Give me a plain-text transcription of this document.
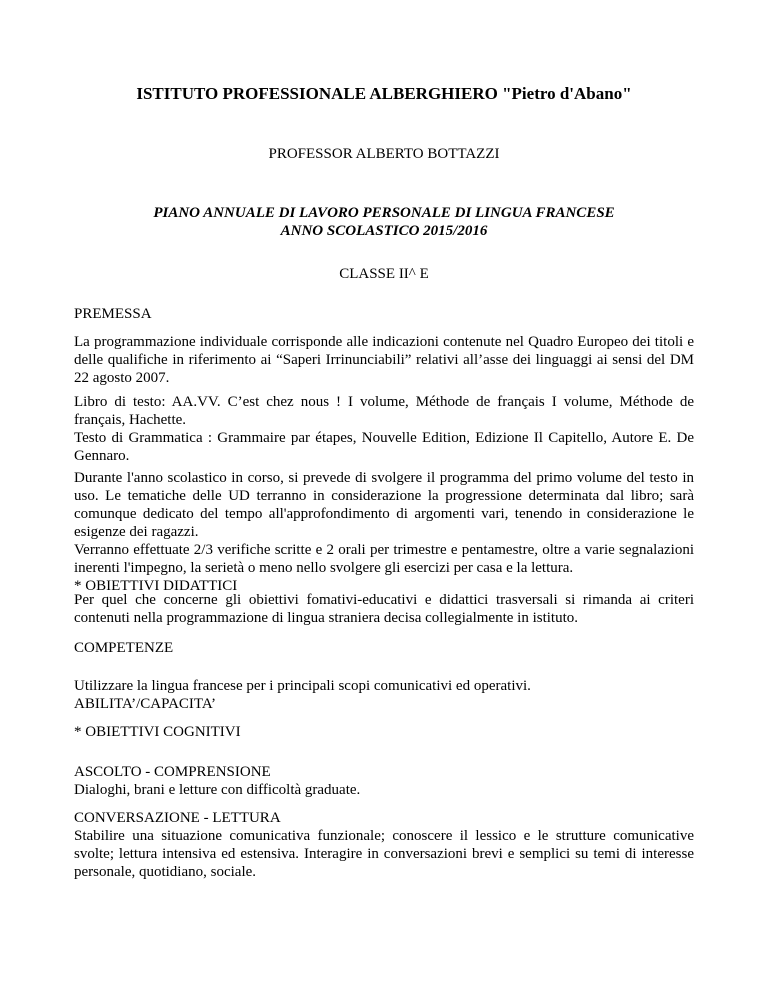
ISTITUTO PROFESSIONALE ALBERGHIERO "Pietro d'Abano"
PROFESSOR ALBERTO BOTTAZZI
PIANO ANNUALE DI LAVORO PERSONALE DI LINGUA FRANCESE
ANNO SCOLASTICO 2015/2016
CLASSE II^ E
PREMESSA

La programmazione individuale corrisponde alle indicazioni contenute nel Quadro Europeo dei titoli e delle qualifiche in riferimento ai “Saperi Irrinunciabili” relativi all’asse dei linguaggi ai sensi del DM 22 agosto 2007.

Libro di testo: AA.VV. C’est chez nous ! I volume, Méthode de français I volume, Méthode de français, Hachette.

Testo di Grammatica : Grammaire par étapes, Nouvelle Edition, Edizione Il Capitello, Autore E. De Gennaro.

Durante l'anno scolastico in corso, si prevede di svolgere il programma del primo volume del testo in uso. Le tematiche delle UD terranno in considerazione la progressione determinata dal libro; sarà comunque dedicato del tempo all'approfondimento di argomenti vari, tenendo in considerazione le esigenze dei ragazzi.

Verranno effettuate 2/3 verifiche scritte e 2 orali per trimestre e pentamestre, oltre a varie segnalazioni inerenti l'impegno, la serietà o meno nello svolgere gli esercizi per casa e la lettura.

* OBIETTIVI DIDATTICI

Per quel che concerne gli obiettivi fomativi-educativi e didattici trasversali si rimanda ai criteri contenuti nella programmazione di lingua straniera decisa collegialmente in istituto.

COMPETENZE

Utilizzare la lingua francese per i principali scopi comunicativi ed operativi.

ABILITA’/CAPACITA’

* OBIETTIVI COGNITIVI

ASCOLTO - COMPRENSIONE

Dialoghi, brani e letture con difficoltà graduate.

CONVERSAZIONE - LETTURA

Stabilire una situazione comunicativa funzionale; conoscere il lessico e le strutture comunicative svolte; lettura intensiva ed estensiva. Interagire in conversazioni brevi e semplici su temi di interesse personale, quotidiano, sociale.
